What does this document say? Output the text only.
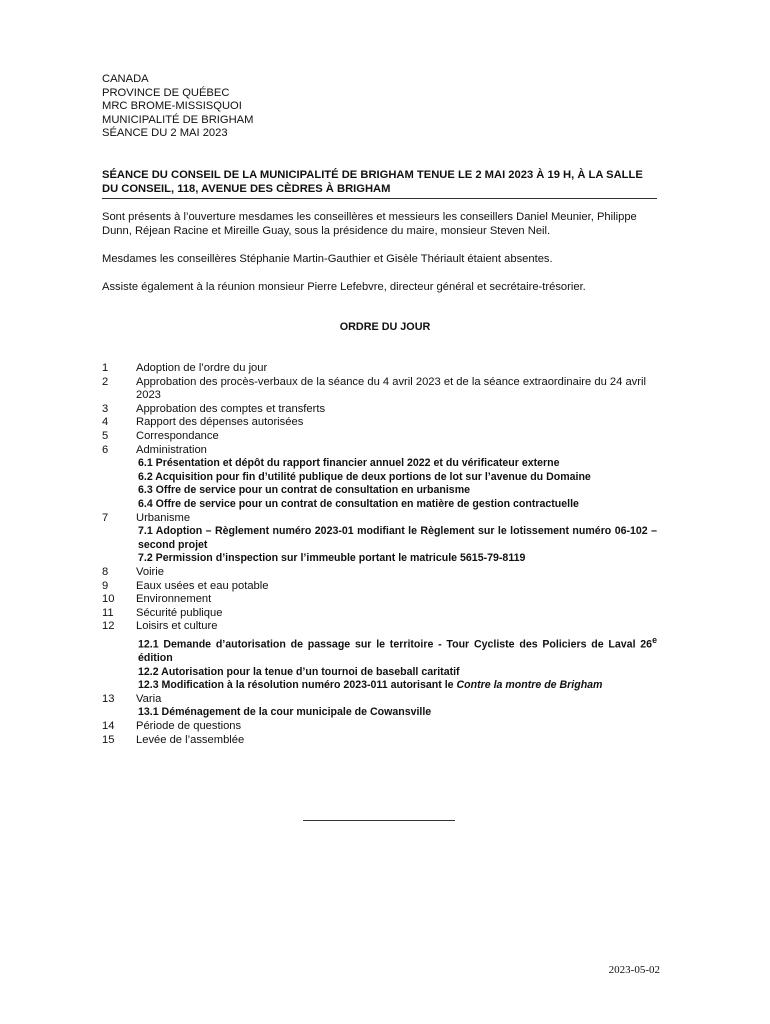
CANADA
PROVINCE DE QUÉBEC
MRC BROME-MISSISQUOI
MUNICIPALITÉ DE BRIGHAM
SÉANCE DU 2 MAI 2023
SÉANCE DU CONSEIL DE LA MUNICIPALITÉ DE BRIGHAM TENUE LE 2 MAI 2023 À 19 H, À LA SALLE DU CONSEIL, 118, AVENUE DES CÈDRES À BRIGHAM
Sont présents à l’ouverture mesdames les conseillères et messieurs les conseillers Daniel Meunier, Philippe Dunn, Réjean Racine et Mireille Guay, sous la présidence du maire, monsieur Steven Neil.
Mesdames les conseillères Stéphanie Martin-Gauthier et Gisèle Thériault étaient absentes.
Assiste également à la réunion monsieur Pierre Lefebvre, directeur général et secrétaire-trésorier.
ORDRE DU JOUR
1	Adoption de l’ordre du jour
2	Approbation des procès-verbaux de la séance du 4 avril 2023 et de la séance extraordinaire du 24 avril 2023
3	Approbation des comptes et transferts
4	Rapport des dépenses autorisées
5	Correspondance
6	Administration
6.1 Présentation et dépôt du rapport financier annuel 2022 et du vérificateur externe
6.2 Acquisition pour fin d’utilité publique de deux portions de lot sur l’avenue du Domaine
6.3 Offre de service pour un contrat de consultation en urbanisme
6.4 Offre de service pour un contrat de consultation en matière de gestion contractuelle
7	Urbanisme
7.1 Adoption – Règlement numéro 2023-01 modifiant le Règlement sur le lotissement numéro 06-102 – second projet
7.2 Permission d’inspection sur l’immeuble portant le matricule 5615-79-8119
8	Voirie
9	Eaux usées et eau potable
10	Environnement
11	Sécurité publique
12	Loisirs et culture
12.1 Demande d’autorisation de passage sur le territoire - Tour Cycliste des Policiers de Laval 26e édition
12.2 Autorisation pour la tenue d’un tournoi de baseball caritatif
12.3 Modification à la résolution numéro 2023-011 autorisant le Contre la montre de Brigham
13	Varia
13.1 Déménagement de la cour municipale de Cowansville
14	Période de questions
15	Levée de l’assemblée
2023-05-02
